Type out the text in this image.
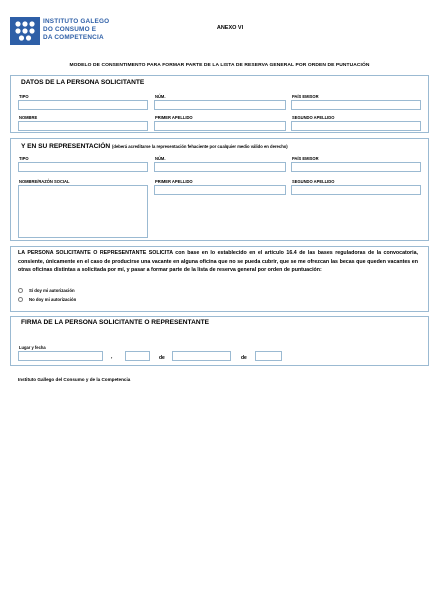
INSTITUTO GALEGO
DO CONSUMO E
DA COMPETENCIA
ANEXO VI
MODELO DE CONSENTIMENTO PARA FORMAR PARTE DE LA LISTA DE RESERVA GENERAL POR ORDEN DE PUNTUACIÓN
DATOS DE LA PERSONA SOLICITANTE
TIPO	NÚM.	PAÍS EMISOR
NOMBRE	PRIMER APELLIDO	SEGUNDO APELLIDO
Y EN SU REPRESENTACIÓN (deberá acreditarse la representación fehaciente por cualquier medio válido en derecho)
TIPO	NÚM.	PAÍS EMISOR
NOMBRE/RAZÓN SOCIAL	PRIMER APELLIDO	SEGUNDO APELLIDO
LA PERSONA SOLICITANTE O REPRESENTANTE SOLICITA con base en lo establecido en el artículo 16.4 de las bases reguladoras de la convocatoria, consiente, únicamente en el caso de producirse una vacante en alguna oficina que no se pueda cubrir, que se me ofrezcan las becas que queden vacantes en otras oficinas distintas a solicitada por mí, y pasar a formar parte de la lista de reserva general por orden de puntuación:
Sí doy mi autorización
No doy mi autorización
FIRMA DE LA PERSONA SOLICITANTE O REPRESENTANTE
Lugar y fecha
,	de	de
Instituto Gallego del Consumo y de la Competencia
